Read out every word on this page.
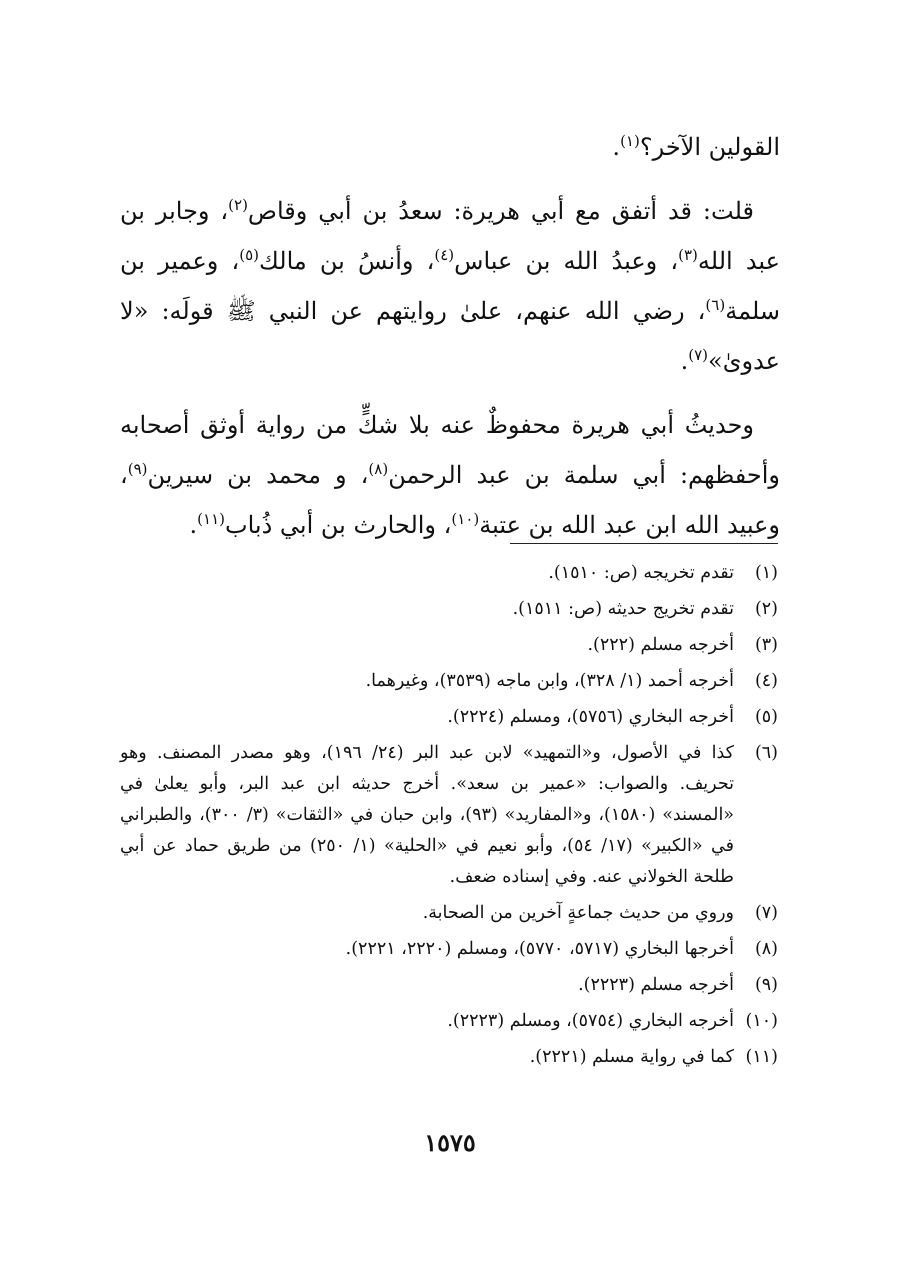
القولين الآخر؟$^{(١)}$.

قلت: قد أتفق مع أبي هريرة: سعدُ بن أبي وقاص$^{(٢)}$، وجابر بن عبد الله$^{(٣)}$، وعبدُ الله بن عباس$^{(٤)}$، وأنسُ بن مالك$^{(٥)}$، وعمير بن سلمة$^{(٦)}$، رضي الله عنهم، علىٰ روايتهم عن النبي ﷺ قولَه: «لا عدوىٰ»$^{(٧)}$.

وحديثُ أبي هريرة محفوظٌ عنه بلا شكٍّ من رواية أوثق أصحابه وأحفظهم: أبي سلمة بن عبد الرحمن$^{(٨)}$، و محمد بن سيرين$^{(٩)}$، وعبيد الله ابن عبد الله بن عتبة$^{(١٠)}$، والحارث بن أبي ذُباب$^{(١١)}$.

(١)
تقدم تخريجه (ص: ١٥١٠).
(٢)
تقدم تخريج حديثه (ص: ١٥١١).
(٣)
أخرجه مسلم (٢٢٢).
(٤)
أخرجه أحمد (١/ ٣٢٨)، وابن ماجه (٣٥٣٩)، وغيرهما.
(٥)
أخرجه البخاري (٥٧٥٦)، ومسلم (٢٢٢٤).
(٦)
كذا في الأصول، و«التمهيد» لابن عبد البر (٢٤/ ١٩٦)، وهو مصدر المصنف. وهو تحريف. والصواب: «عمير بن سعد». أخرج حديثه ابن عبد البر، وأبو يعلىٰ في «المسند» (١٥٨٠)، و«المفاريد» (٩٣)، وابن حبان في «الثقات» (٣/ ٣٠٠)، والطبراني في «الكبير» (١٧/ ٥٤)، وأبو نعيم في «الحلية» (١/ ٢٥٠) من طريق حماد عن أبي طلحة الخولاني عنه. وفي إسناده ضعف.
(٧)
وروي من حديث جماعةٍ آخرين من الصحابة.
(٨)
أخرجها البخاري (٥٧١٧، ٥٧٧٠)، ومسلم (٢٢٢٠، ٢٢٢١).
(٩)
أخرجه مسلم (٢٢٢٣).
(١٠)
أخرجه البخاري (٥٧٥٤)، ومسلم (٢٢٢٣).
(١١)
كما في رواية مسلم (٢٢٢١).
١٥٧٥
